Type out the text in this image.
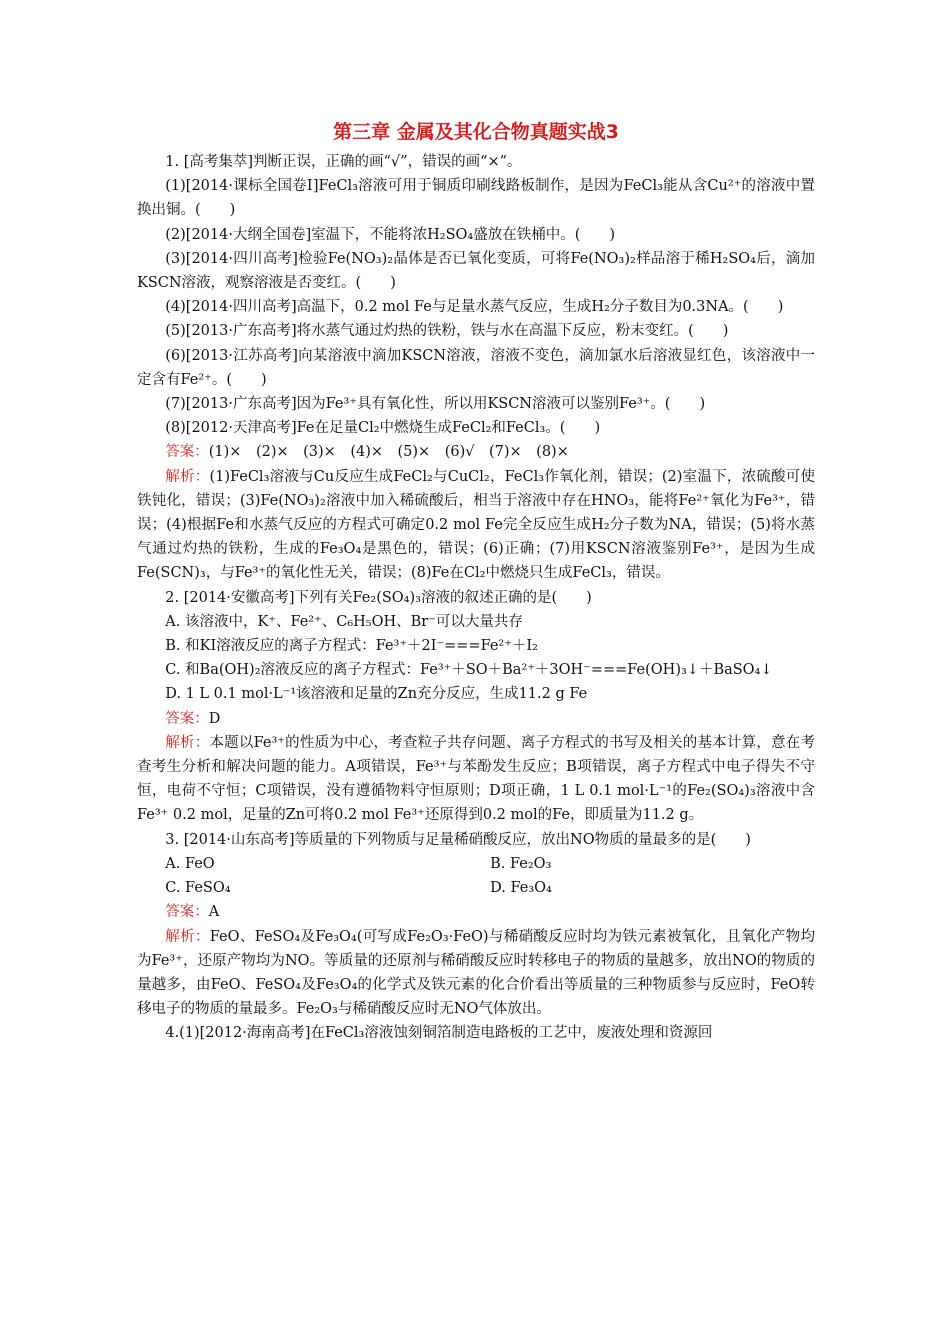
第三章 金属及其化合物真题实战3

1. [高考集萃]判断正误，正确的画“√”，错误的画“×”。

(1)[2014·课标全国卷Ⅰ]FeCl₃溶液可用于铜质印刷线路板制作，是因为FeCl₃能从含Cu²⁺的溶液中置换出铜。(　　)

(2)[2014·大纲全国卷]室温下，不能将浓H₂SO₄盛放在铁桶中。(　　)

(3)[2014·四川高考]检验Fe(NO₃)₂晶体是否已氧化变质，可将Fe(NO₃)₂样品溶于稀H₂SO₄后，滴加KSCN溶液，观察溶液是否变红。(　　)

(4)[2014·四川高考]高温下，0.2 mol Fe与足量水蒸气反应，生成H₂分子数目为0.3NA。(　　)

(5)[2013·广东高考]将水蒸气通过灼热的铁粉，铁与水在高温下反应，粉末变红。(　　)

(6)[2013·江苏高考]向某溶液中滴加KSCN溶液，溶液不变色，滴加氯水后溶液显红色，该溶液中一定含有Fe²⁺。(　　)

(7)[2013·广东高考]因为Fe³⁺具有氧化性，所以用KSCN溶液可以鉴别Fe³⁺。(　　)

(8)[2012·天津高考]Fe在足量Cl₂中燃烧生成FeCl₂和FeCl₃。(　　)

答案：(1)×　(2)×　(3)×　(4)×　(5)×　(6)√　(7)×　(8)×

解析：(1)FeCl₃溶液与Cu反应生成FeCl₂与CuCl₂，FeCl₃作氧化剂，错误；(2)室温下，浓硫酸可使铁钝化，错误；(3)Fe(NO₃)₂溶液中加入稀硫酸后，相当于溶液中存在HNO₃，能将Fe²⁺氧化为Fe³⁺，错误；(4)根据Fe和水蒸气反应的方程式可确定0.2 mol Fe完全反应生成H₂分子数为NA，错误；(5)将水蒸气通过灼热的铁粉，生成的Fe₃O₄是黑色的，错误；(6)正确；(7)用KSCN溶液鉴别Fe³⁺，是因为生成Fe(SCN)₃，与Fe³⁺的氧化性无关，错误；(8)Fe在Cl₂中燃烧只生成FeCl₃，错误。

2. [2014·安徽高考]下列有关Fe₂(SO₄)₃溶液的叙述正确的是(　　)

A. 该溶液中，K⁺、Fe²⁺、C₆H₅OH、Br⁻可以大量共存

B. 和KI溶液反应的离子方程式：Fe³⁺＋2I⁻===Fe²⁺＋I₂

C. 和Ba(OH)₂溶液反应的离子方程式：Fe³⁺＋SO＋Ba²⁺＋3OH⁻===Fe(OH)₃↓＋BaSO₄↓

D. 1 L 0.1 mol·L⁻¹该溶液和足量的Zn充分反应，生成11.2 g Fe

答案：D

解析：本题以Fe³⁺的性质为中心，考查粒子共存问题、离子方程式的书写及相关的基本计算，意在考查考生分析和解决问题的能力。A项错误，Fe³⁺与苯酚发生反应；B项错误，离子方程式中电子得失不守恒，电荷不守恒；C项错误，没有遵循物料守恒原则；D项正确，1 L 0.1 mol·L⁻¹的Fe₂(SO₄)₃溶液中含Fe³⁺ 0.2 mol，足量的Zn可将0.2 mol Fe³⁺还原得到0.2 mol的Fe，即质量为11.2 g。

3. [2014·山东高考]等质量的下列物质与足量稀硝酸反应，放出NO物质的量最多的是(　　)

A. FeO	B. Fe₂O₃
C. FeSO₄	D. Fe₃O₄

答案：A

解析：FeO、FeSO₄及Fe₃O₄(可写成Fe₂O₃·FeO)与稀硝酸反应时均为铁元素被氧化，且氧化产物均为Fe³⁺，还原产物均为NO。等质量的还原剂与稀硝酸反应时转移电子的物质的量越多，放出NO的物质的量越多，由FeO、FeSO₄及Fe₃O₄的化学式及铁元素的化合价看出等质量的三种物质参与反应时，FeO转移电子的物质的量最多。Fe₂O₃与稀硝酸反应时无NO气体放出。

4.(1)[2012·海南高考]在FeCl₃溶液蚀刻铜箔制造电路板的工艺中，废液处理和资源回
